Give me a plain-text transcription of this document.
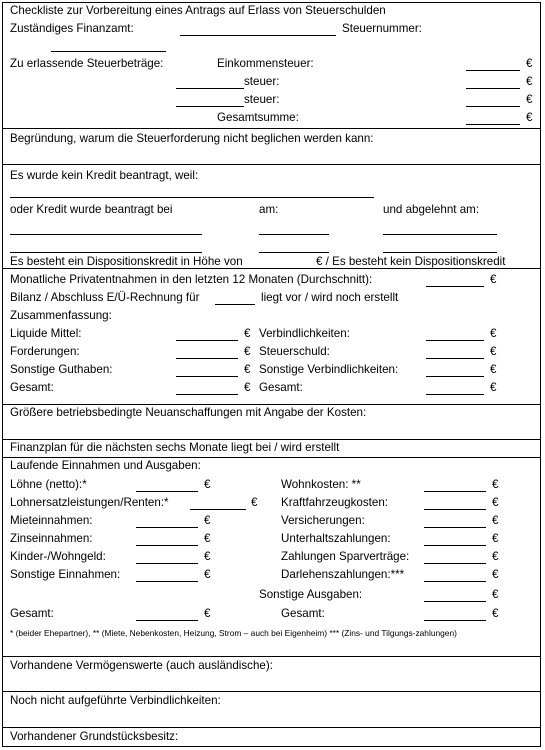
Checkliste zur Vorbereitung eines Antrags auf Erlass von Steuerschulden
Zuständiges Finanzamt:	Steuernummer:
Zu erlassende Steuerbeträge:	Einkommensteuer:	€
steuer:	€
steuer:	€
Gesamtsumme:	€
Begründung, warum die Steuerforderung nicht beglichen werden kann:
Es wurde kein Kredit beantragt, weil:
oder Kredit wurde beantragt bei	am:	und abgelehnt am:
Es besteht ein Dispositionskredit in Höhe von	€ / Es besteht kein Dispositionskredit
Monatliche Privatentnahmen in den letzten 12 Monaten (Durchschnitt):	€
Bilanz / Abschluss E/Ü-Rechnung für	liegt vor / wird noch erstellt
Zusammenfassung:
Liquide Mittel:	€ Verbindlichkeiten:	€
Forderungen:	€ Steuerschuld:	€
Sonstige Guthaben:	€ Sonstige Verbindlichkeiten:	€
Gesamt:	€ Gesamt:	€
Größere betriebsbedingte Neuanschaffungen mit Angabe der Kosten:
Finanzplan für die nächsten sechs Monate liegt bei / wird erstellt
Laufende Einnahmen und Ausgaben:
Löhne (netto):*	€	Wohnkosten: **	€
Lohnersatzleistungen/Renten:*	€ Kraftfahrzeugkosten:	€
Mieteinnahmen:	€	Versicherungen:	€
Zinseinnahmen:	€	Unterhaltszahlungen:	€
Kinder-/Wohngeld:	€	Zahlungen Sparverträge:	€
Sonstige Einnahmen:	€	Darlehenszahlungen:***	€
Sonstige Ausgaben:	€
Gesamt:	€	Gesamt:	€
* (beider Ehepartner), ** (Miete, Nebenkosten, Heizung, Strom – auch bei Eigenheim) *** (Zins- und Tilgungs-zahlungen)
Vorhandene Vermögenswerte (auch ausländische):
Noch nicht aufgeführte Verbindlichkeiten:
Vorhandener Grundstücksbesitz:
